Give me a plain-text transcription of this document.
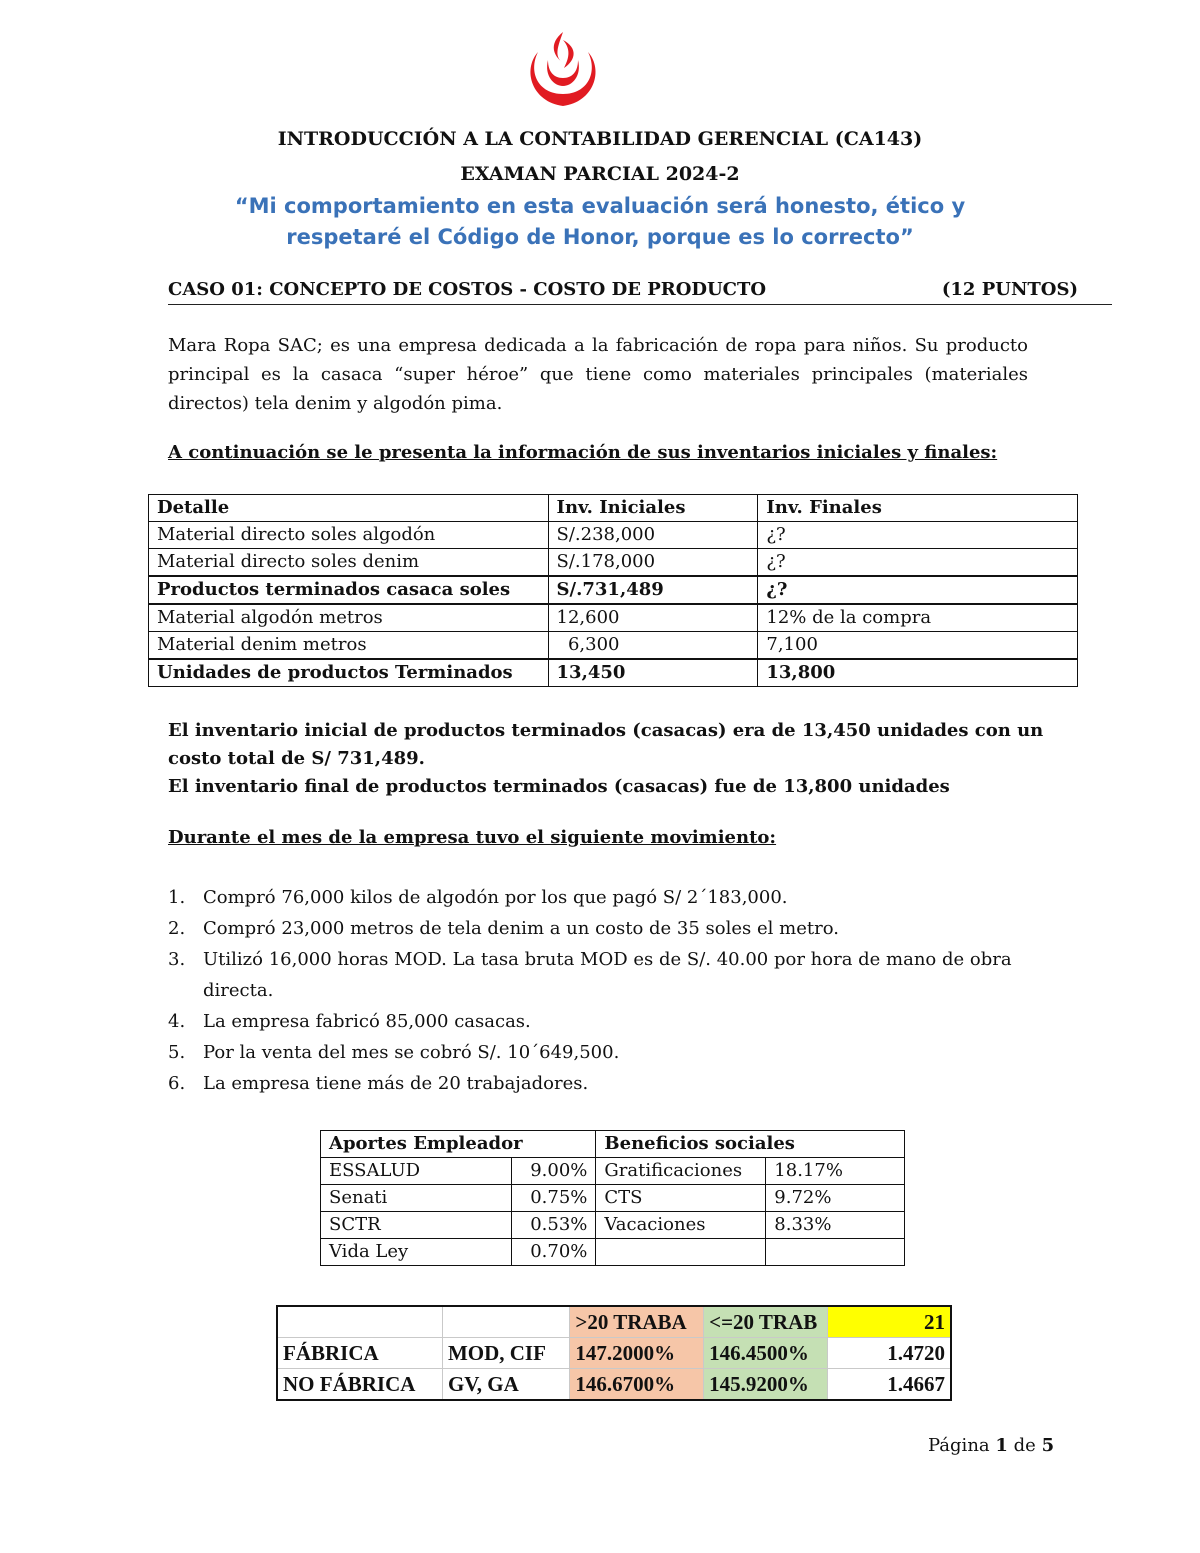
INTRODUCCIÓN A LA CONTABILIDAD GERENCIAL (CA143)
EXAMAN PARCIAL 2024-2
“Mi comportamiento en esta evaluación será honesto, ético y
respetaré el Código de Honor, porque es lo correcto”
CASO 01: CONCEPTO DE COSTOS - COSTO DE PRODUCTO	(12 PUNTOS)
Mara Ropa SAC; es una empresa dedicada a la fabricación de ropa para niños. Su producto principal es la casaca “super héroe” que tiene como materiales principales (materiales directos) tela denim y algodón pima.
A continuación se le presenta la información de sus inventarios iniciales y finales:
Detalle	Inv. Iniciales	Inv. Finales
Material directo soles algodón	S/.238,000	¿?
Material directo soles denim	S/.178,000	¿?
Productos terminados casaca soles	S/.731,489	¿?
Material algodón metros	12,600	12% de la compra
Material denim metros	6,300	7,100
Unidades de productos Terminados	13,450	13,800
El inventario inicial de productos terminados (casacas) era de 13,450 unidades con un
costo total de S/ 731,489.
El inventario final de productos terminados (casacas) fue de 13,800 unidades
Durante el mes de la empresa tuvo el siguiente movimiento:
1. Compró 76,000 kilos de algodón por los que pagó S/ 2´183,000.
2. Compró 23,000 metros de tela denim a un costo de 35 soles el metro.
3. Utilizó 16,000 horas MOD. La tasa bruta MOD es de S/. 40.00 por hora de mano de obra directa.
4. La empresa fabricó 85,000 casacas.
5. Por la venta del mes se cobró S/. 10´649,500.
6. La empresa tiene más de 20 trabajadores.
Aportes Empleador		Beneficios sociales	
ESSALUD	9.00%	Gratificaciones	18.17%
Senati	0.75%	CTS	9.72%
SCTR	0.53%	Vacaciones	8.33%
Vida Ley	0.70%		
		>20 TRABA	<=20 TRAB	21
FÁBRICA	MOD, CIF	147.2000%	146.4500%	1.4720
NO FÁBRICA	GV, GA	146.6700%	145.9200%	1.4667
Página 1 de 5
